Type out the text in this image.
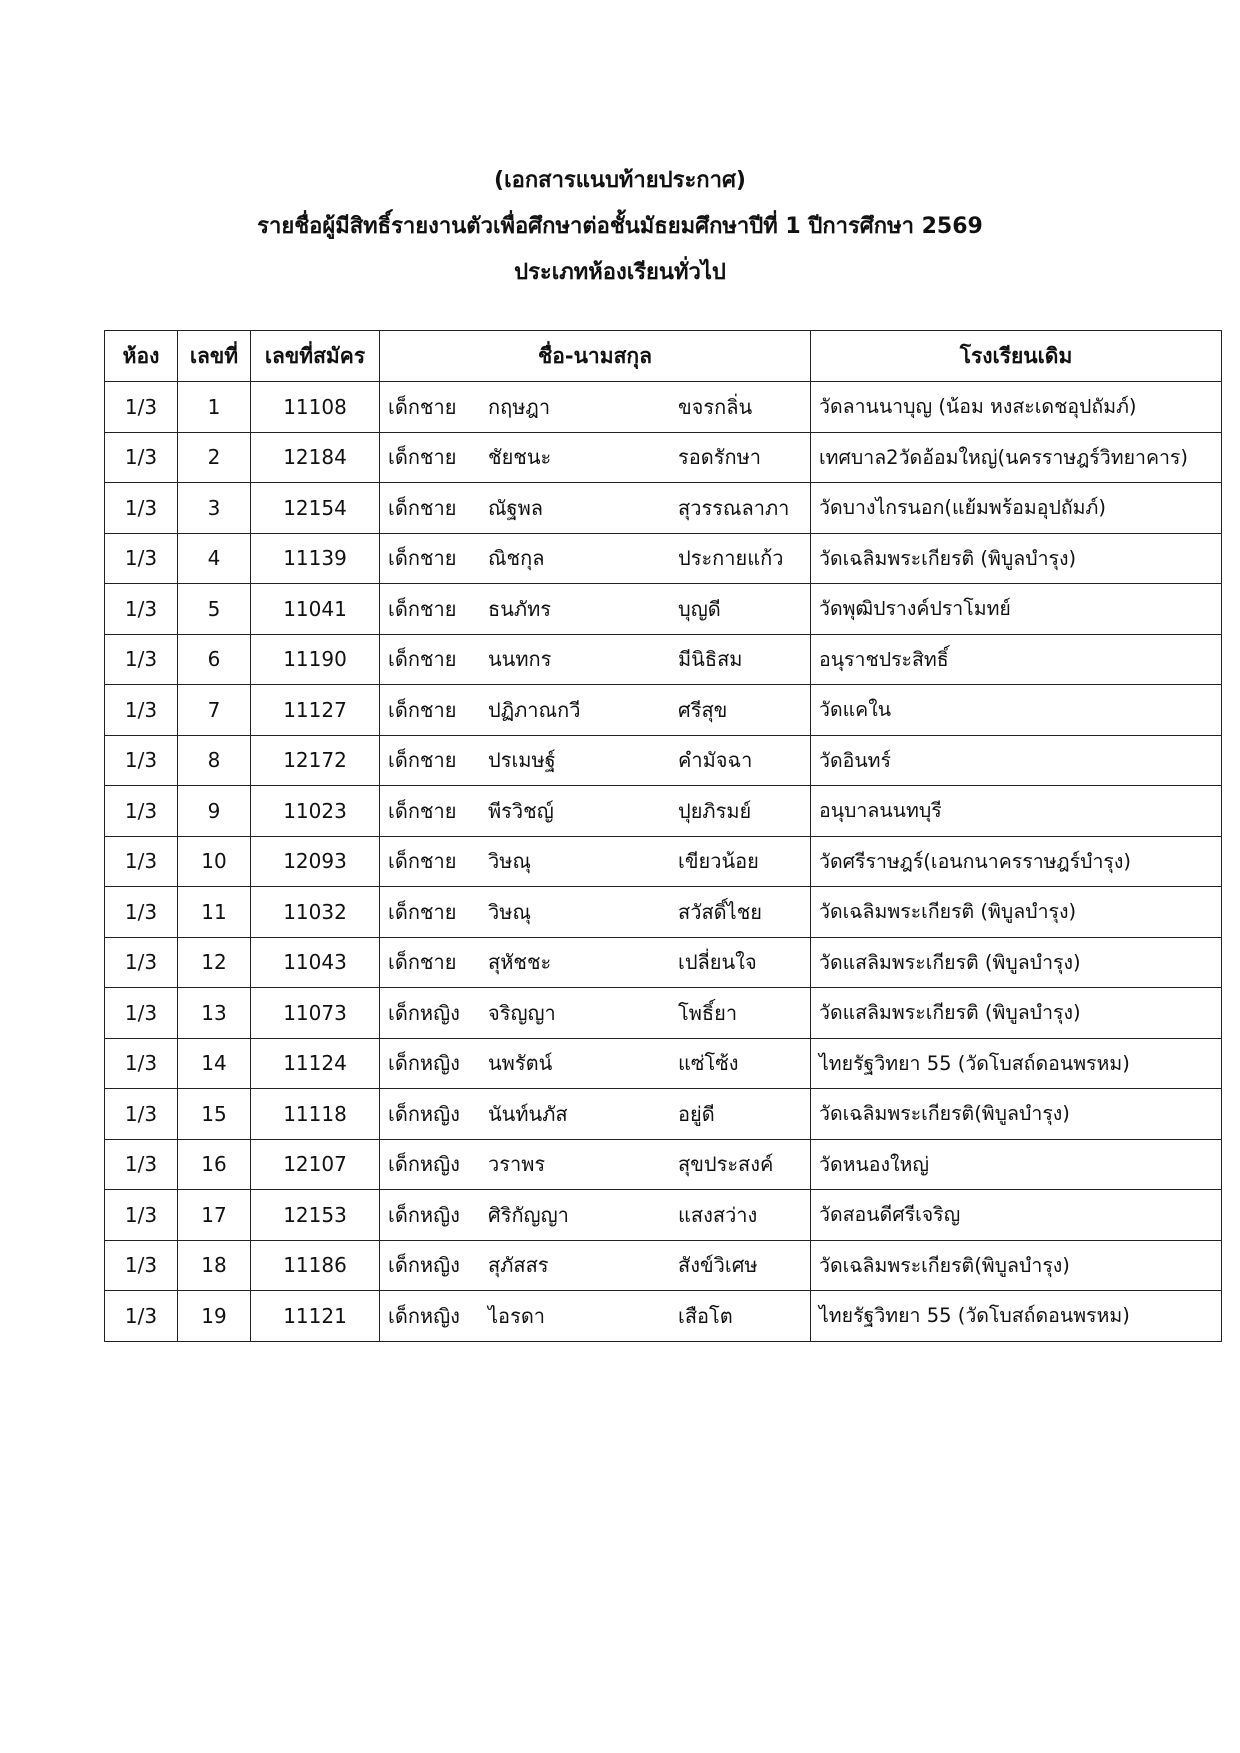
(เอกสารแนบท้ายประกาศ)
รายชื่อผู้มีสิทธิ์รายงานตัวเพื่อศึกษาต่อชั้นมัธยมศึกษาปีที่ 1 ปีการศึกษา 2569
ประเภทห้องเรียนทั่วไป
ห้อง	เลขที่	เลขที่สมัคร	ชื่อ-นามสกุล	โรงเรียนเดิม
1/3	1	11108	เด็กชาย กฤษฎา ขจรกลิ่น	วัดลานนาบุญ (น้อม หงสะเดชอุปถัมภ์)

1/3	2	12184	เด็กชาย ชัยชนะ รอดรักษา	เทศบาล2วัดอ้อมใหญ่(นครราษฎร์วิทยาคาร)

1/3	3	12154	เด็กชาย ณัฐพล สุวรรณลาภา	วัดบางไกรนอก(แย้มพร้อมอุปถัมภ์)

1/3	4	11139	เด็กชาย ณิชกุล ประกายแก้ว	วัดเฉลิมพระเกียรติ (พิบูลบำรุง)

1/3	5	11041	เด็กชาย ธนภัทร บุญดี	วัดพุฒิปรางค์ปราโมทย์

1/3	6	11190	เด็กชาย นนทกร มีนิธิสม	อนุราชประสิทธิ์

1/3	7	11127	เด็กชาย ปฏิภาณกวี ศรีสุข	วัดแคใน

1/3	8	12172	เด็กชาย ปรเมษฐ์ คำมัจฉา	วัดอินทร์

1/3	9	11023	เด็กชาย พีรวิชญ์ ปุยภิรมย์	อนุบาลนนทบุรี

1/3	10	12093	เด็กชาย วิษณุ เขียวน้อย	วัดศรีราษฎร์(เอนกนาครราษฎร์บำรุง)

1/3	11	11032	เด็กชาย วิษณุ สวัสดิ์ไชย	วัดเฉลิมพระเกียรติ (พิบูลบำรุง)

1/3	12	11043	เด็กชาย สุหัชชะ เปลี่ยนใจ	วัดแสลิมพระเกียรติ (พิบูลบำรุง)

1/3	13	11073	เด็กหญิง จริญญา โพธิ์ยา	วัดแสลิมพระเกียรติ (พิบูลบำรุง)

1/3	14	11124	เด็กหญิง นพรัตน์ แซ่โซ้ง	ไทยรัฐวิทยา 55 (วัดโบสถ์ดอนพรหม)

1/3	15	11118	เด็กหญิง นันท์นภัส อยู่ดี	วัดเฉลิมพระเกียรติ(พิบูลบำรุง)

1/3	16	12107	เด็กหญิง วราพร สุขประสงค์	วัดหนองใหญ่

1/3	17	12153	เด็กหญิง ศิริกัญญา แสงสว่าง	วัดสอนดีศรีเจริญ

1/3	18	11186	เด็กหญิง สุภัสสร สังข์วิเศษ	วัดเฉลิมพระเกียรติ(พิบูลบำรุง)

1/3	19	11121	เด็กหญิง ไอรดา เสือโต	ไทยรัฐวิทยา 55 (วัดโบสถ์ดอนพรหม)
